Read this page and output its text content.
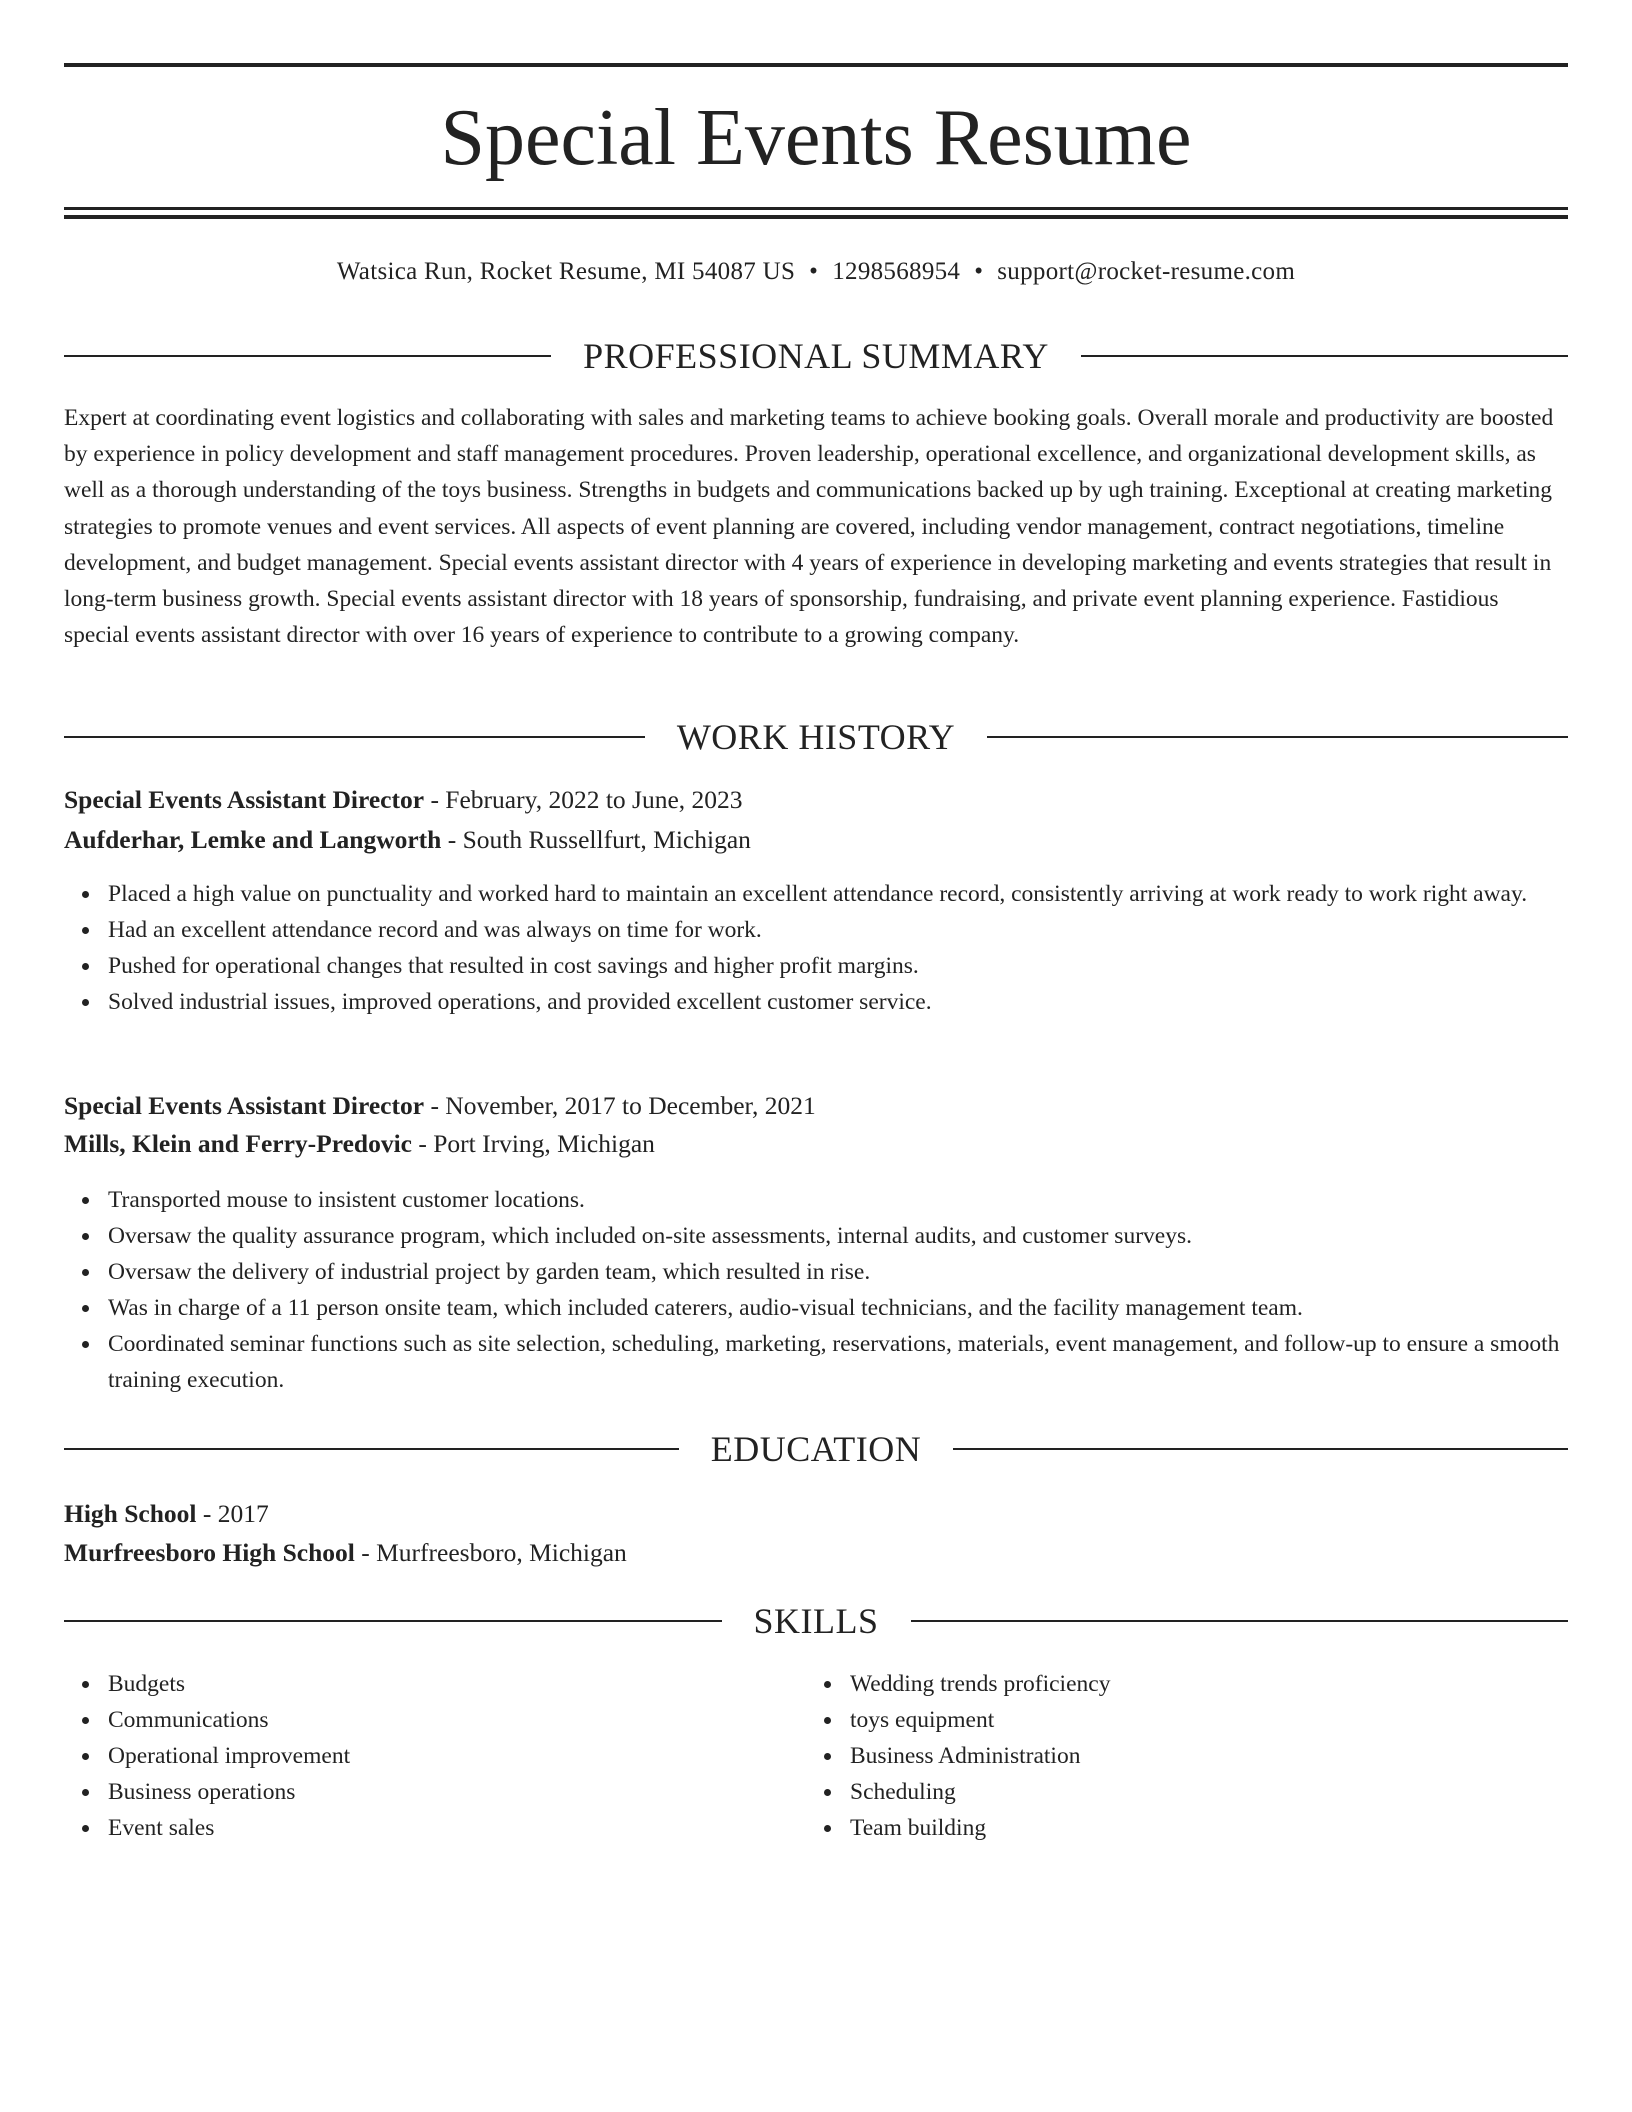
Special Events Resume
Watsica Run, Rocket Resume, MI 54087 US • 1298568954 • support@rocket-resume.com
PROFESSIONAL SUMMARY

Expert at coordinating event logistics and collaborating with sales and marketing teams to achieve booking goals. Overall morale and productivity are boosted by experience in policy development and staff management procedures. Proven leadership, operational excellence, and organizational development skills, as well as a thorough understanding of the toys business. Strengths in budgets and communications backed up by ugh training. Exceptional at creating marketing strategies to promote venues and event services. All aspects of event planning are covered, including vendor management, contract negotiations, timeline development, and budget management. Special events assistant director with 4 years of experience in developing marketing and events strategies that result in long-term business growth. Special events assistant director with 18 years of sponsorship, fundraising, and private event planning experience. Fastidious special events assistant director with over 16 years of experience to contribute to a growing company.

WORK HISTORY
Special Events Assistant Director - February, 2022 to June, 2023
Aufderhar, Lemke and Langworth - South Russellfurt, Michigan
Placed a high value on punctuality and worked hard to maintain an excellent attendance record, consistently arriving at work ready to work right away.
Had an excellent attendance record and was always on time for work.
Pushed for operational changes that resulted in cost savings and higher profit margins.
Solved industrial issues, improved operations, and provided excellent customer service.
Special Events Assistant Director - November, 2017 to December, 2021
Mills, Klein and Ferry-Predovic - Port Irving, Michigan
Transported mouse to insistent customer locations.
Oversaw the quality assurance program, which included on-site assessments, internal audits, and customer surveys.
Oversaw the delivery of industrial project by garden team, which resulted in rise.
Was in charge of a 11 person onsite team, which included caterers, audio-visual technicians, and the facility management team.
Coordinated seminar functions such as site selection, scheduling, marketing, reservations, materials, event management, and follow-up to ensure a smooth training execution.
EDUCATION
High School - 2017
Murfreesboro High School - Murfreesboro, Michigan
SKILLS
Budgets
Communications
Operational improvement
Business operations
Event sales
Wedding trends proficiency
toys equipment
Business Administration
Scheduling
Team building
